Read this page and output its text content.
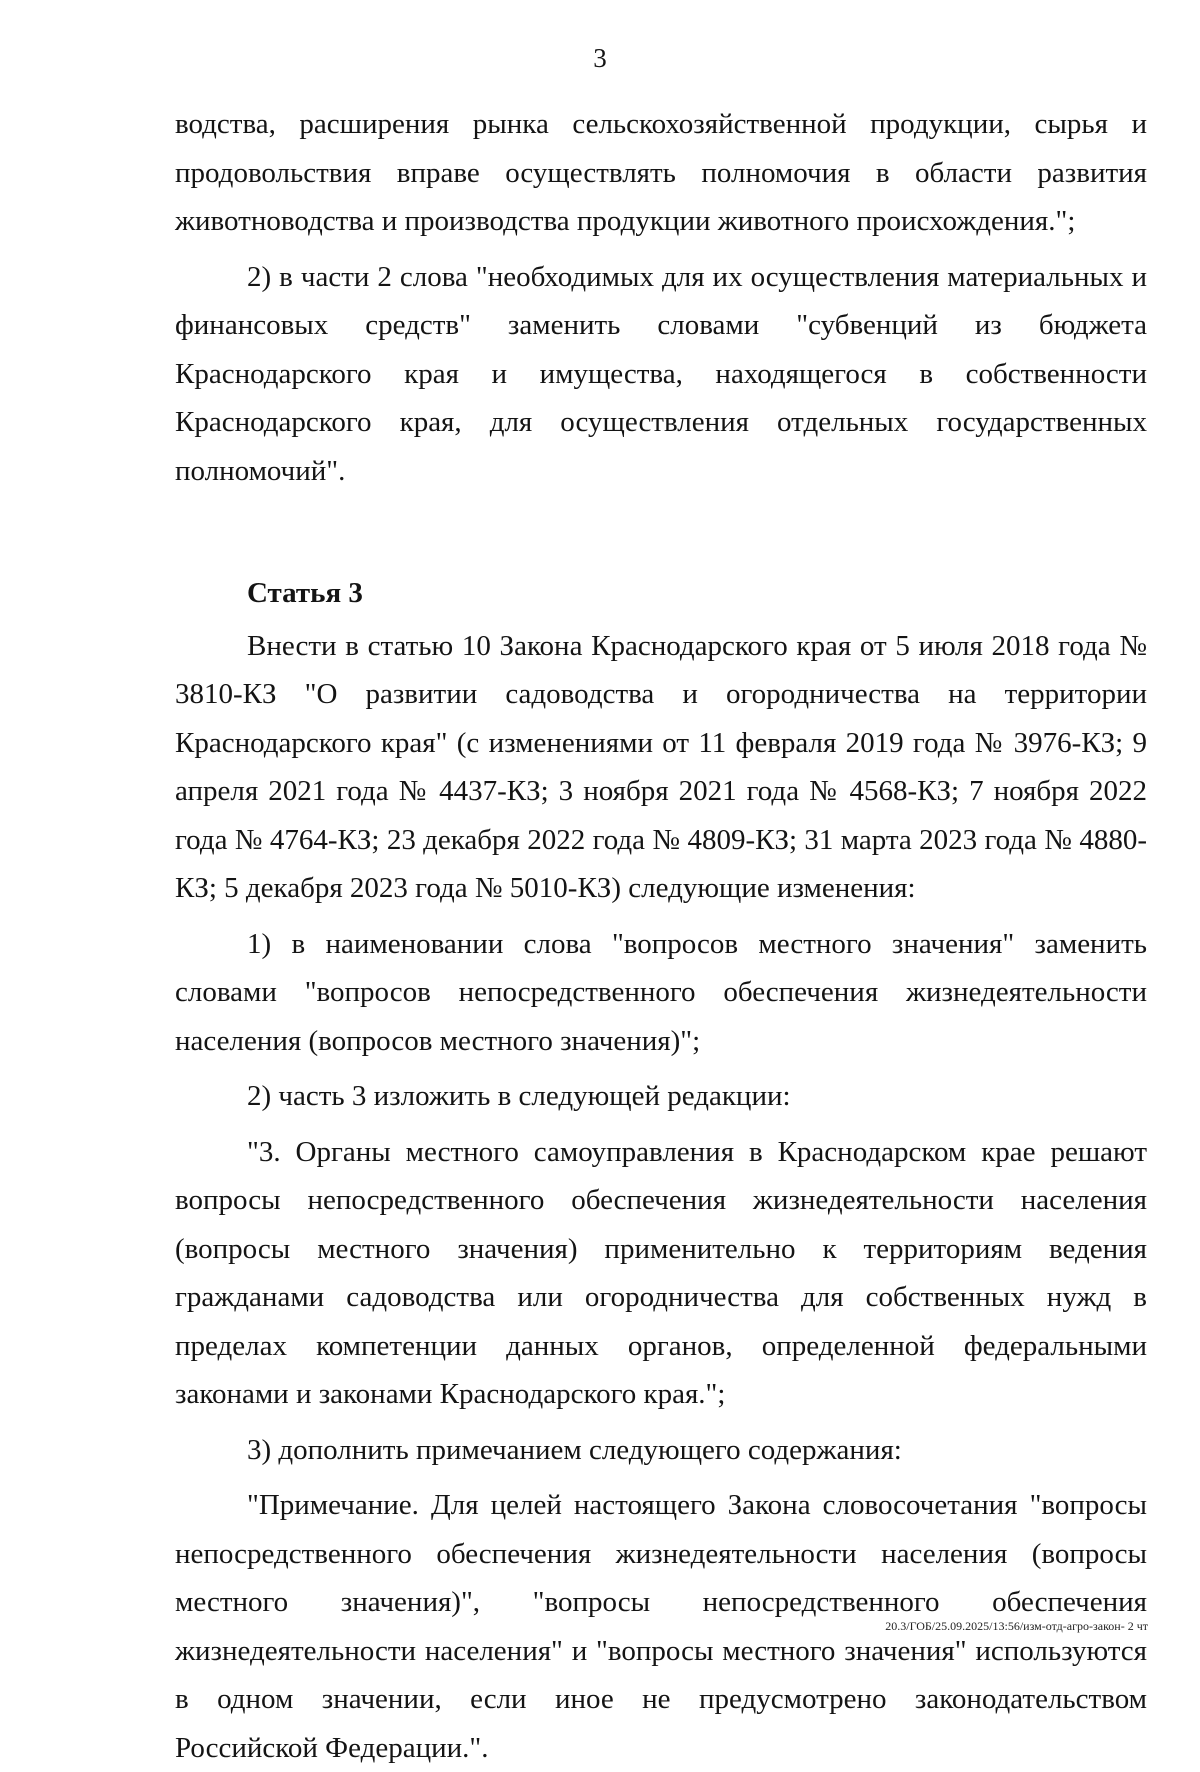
3

водства, расширения рынка сельскохозяйственной продукции, сырья и продовольствия вправе осуществлять полномочия в области развития животноводства и производства продукции животного происхождения.";

2) в части 2 слова "необходимых для их осуществления материальных и финансовых средств" заменить словами "субвенций из бюджета Краснодарского края и имущества, находящегося в собственности Краснодарского края, для осуществления отдельных государственных полномочий".

Статья 3

Внести в статью 10 Закона Краснодарского края от 5 июля 2018 года № 3810-КЗ "О развитии садоводства и огородничества на территории Краснодарского края" (с изменениями от 11 февраля 2019 года № 3976-КЗ; 9 апреля 2021 года № 4437-КЗ; 3 ноября 2021 года № 4568-КЗ; 7 ноября 2022 года № 4764-КЗ; 23 декабря 2022 года № 4809-КЗ; 31 марта 2023 года № 4880-КЗ; 5 декабря 2023 года № 5010-КЗ) следующие изменения:

1) в наименовании слова "вопросов местного значения" заменить словами "вопросов непосредственного обеспечения жизнедеятельности населения (вопросов местного значения)";

2) часть 3 изложить в следующей редакции:

"3. Органы местного самоуправления в Краснодарском крае решают вопросы непосредственного обеспечения жизнедеятельности населения (вопросы местного значения) применительно к территориям ведения гражданами садоводства или огородничества для собственных нужд в пределах компетенции данных органов, определенной федеральными законами и законами Краснодарского края.";

3) дополнить примечанием следующего содержания:

"Примечание. Для целей настоящего Закона словосочетания "вопросы непосредственного обеспечения жизнедеятельности населения (вопросы местного значения)", "вопросы непосредственного обеспечения жизнедеятельности населения" и "вопросы местного значения" используются в одном значении, если иное не предусмотрено законодательством Российской Федерации.".

20.3/ГОБ/25.09.2025/13:56/изм-отд-агро-закон- 2 чт
